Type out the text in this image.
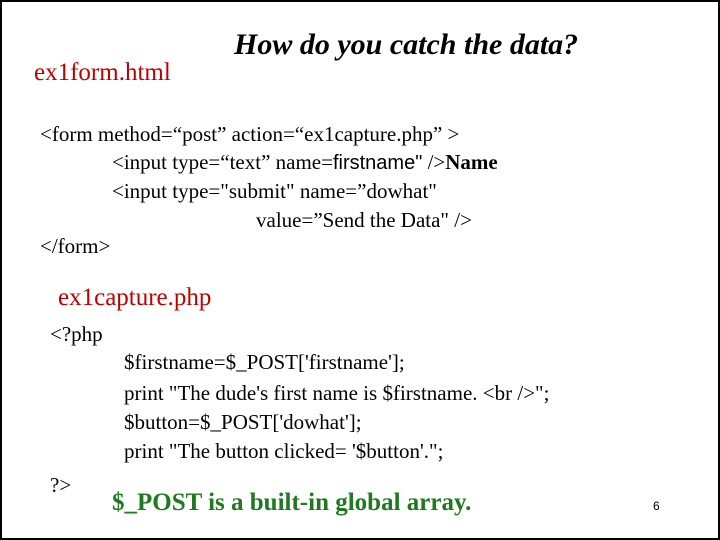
ex1form.html
How do you catch the data?
<form method=“post” action=“ex1capture.php” >
<input type=“text” name=firstname" />Name
<input type="submit" name=”dowhat"
value=”Send the Data" />
</form>
ex1capture.php
<?php
$firstname=$_POST['firstname'];
print "The dude's first name is $firstname. <br />";
$button=$_POST['dowhat'];
print "The button clicked= '$button'.";
?>
$_POST is a built-in global array.	6
